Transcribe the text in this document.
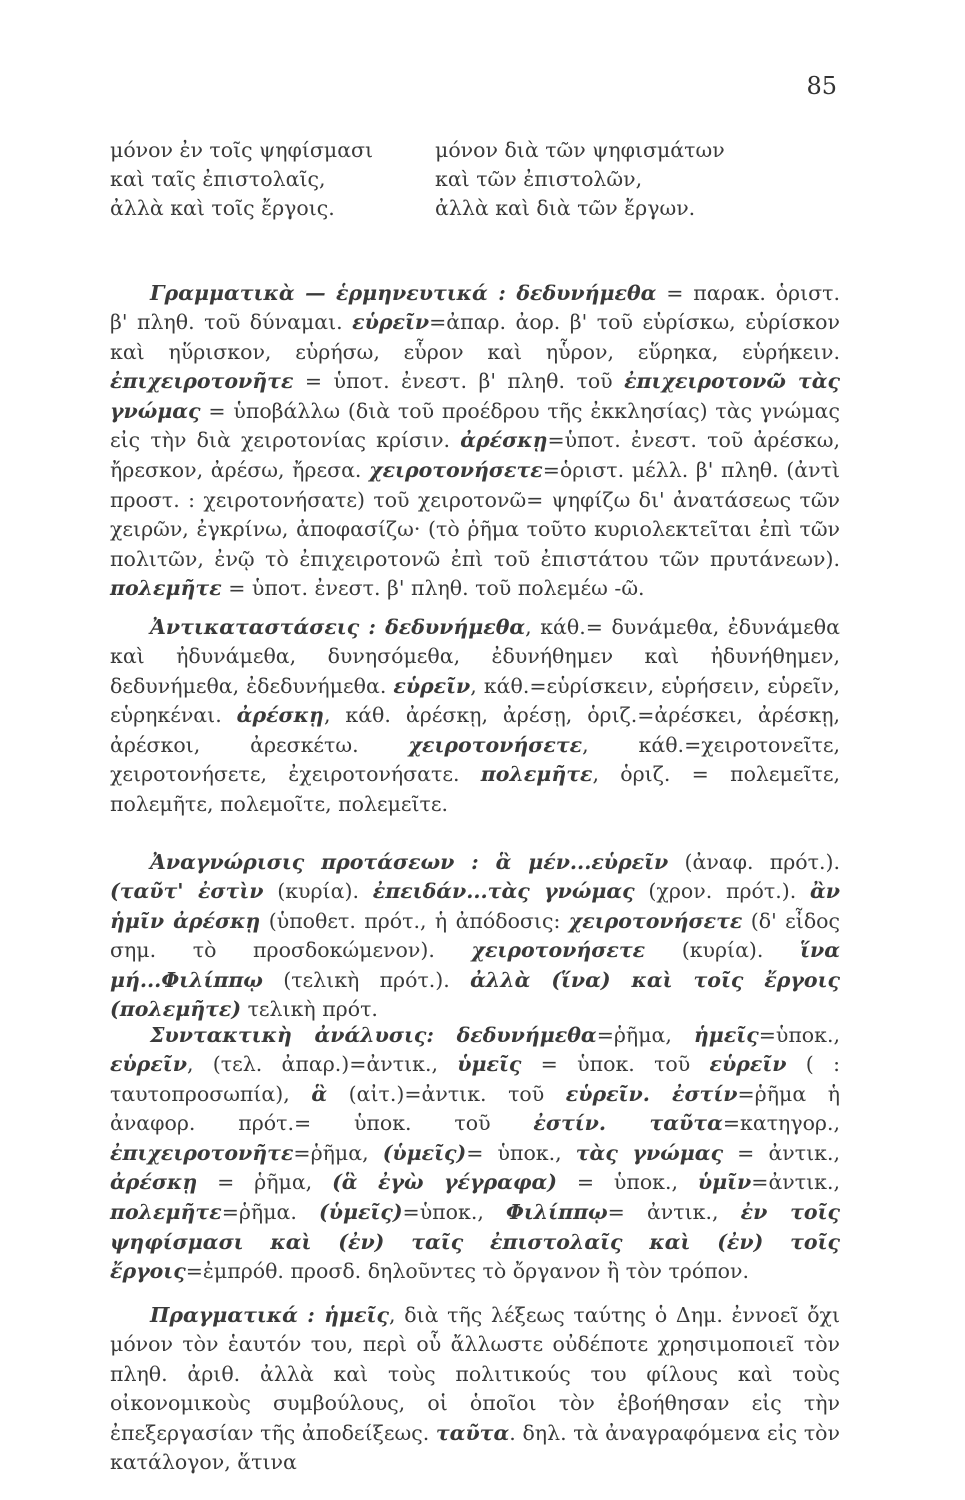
85
μόνον ἐν τοῖς ψηφίσμασι
καὶ ταῖς ἐπιστολαῖς,
ἀλλὰ καὶ τοῖς ἔργοις.
μόνον διὰ τῶν ψηφισμάτων
καὶ τῶν ἐπιστολῶν,
ἀλλὰ καὶ διὰ τῶν ἔργων.

Γραμματικὰ — ἑρμηνευτικά : δεδυνήμεθα = παρακ. ὁριστ. β' πληθ. τοῦ δύναμαι. εὑρεῖν=ἀπαρ. ἀορ. β' τοῦ εὑρίσκω, εὑρίσκον καὶ ηὕρισκον, εὑρήσω, εὗρον καὶ ηὗρον, εὕρηκα, εὑρήκειν. ἐπιχειροτονῆτε = ὑποτ. ἐνεστ. β' πληθ. τοῦ ἐπιχειροτονῶ τὰς γνώμας = ὑποβάλλω (διὰ τοῦ προέδρου τῆς ἐκκλησίας) τὰς γνώμας εἰς τὴν διὰ χειροτονίας κρίσιν. ἀρέσκῃ=ὑποτ. ἐνεστ. τοῦ ἀρέσκω, ἤρεσκον, ἀρέσω, ἤρεσα. χειροτονήσετε=ὁριστ. μέλλ. β' πληθ. (ἀντὶ προστ. : χειροτονήσατε) τοῦ χειροτονῶ= ψηφίζω δι' ἀνατάσεως τῶν χειρῶν, ἐγκρίνω, ἀποφασίζω· (τὸ ῥῆμα τοῦτο κυριολεκτεῖται ἐπὶ τῶν πολιτῶν, ἐνῷ τὸ ἐπιχειροτονῶ ἐπὶ τοῦ ἐπιστάτου τῶν πρυτάνεων). πολεμῆτε = ὑποτ. ἐνεστ. β' πληθ. τοῦ πολεμέω -ῶ.

Ἀντικαταστάσεις : δεδυνήμεθα, κάθ.= δυνάμεθα, ἐδυνάμεθα καὶ ἠδυνάμεθα, δυνησόμεθα, ἐδυνήθημεν καὶ ἠδυνήθημεν, δεδυνήμεθα, ἐδεδυνήμεθα. εὑρεῖν, κάθ.=εὑρίσκειν, εὑρήσειν, εὑρεῖν, εὑρηκέναι. ἀρέσκῃ, κάθ. ἀρέσκῃ, ἀρέσῃ, ὁριζ.=ἀρέσκει, ἀρέσκῃ, ἀρέσκοι, ἀρεσκέτω. χειροτονήσετε, κάθ.=χειροτονεῖτε, χειροτονήσετε, ἐχειροτονήσατε. πολεμῆτε, ὁριζ. = πολεμεῖτε, πολεμῆτε, πολεμοῖτε, πολεμεῖτε.

Ἀναγνώρισις προτάσεων : ἃ μέν...εὑρεῖν (ἀναφ. πρότ.). (ταῦτ' ἐστὶν (κυρία). ἐπειδάν...τὰς γνώμας (χρον. πρότ.). ἂν ἡμῖν ἀρέσκῃ (ὑποθετ. πρότ., ἡ ἀπόδοσις: χειροτονήσετε (δ' εἶδος σημ. τὸ προσδοκώμενον). χειροτονήσετε (κυρία). ἵνα μή...Φιλίππῳ (τελικὴ πρότ.). ἀλλὰ (ἵνα) καὶ τοῖς ἔργοις (πολεμῆτε) τελικὴ πρότ.

Συντακτικὴ ἀνάλυσις: δεδυνήμεθα=ῥῆμα, ἡμεῖς=ὑποκ., εὑρεῖν, (τελ. ἀπαρ.)=ἀντικ., ὑμεῖς = ὑποκ. τοῦ εὑρεῖν ( : ταυτοπροσωπία), ἃ (αἰτ.)=ἀντικ. τοῦ εὑρεῖν. ἐστίν=ῥῆμα ἡ ἀναφορ. πρότ.= ὑποκ. τοῦ ἐστίν. ταῦτα=κατηγορ., ἐπιχειροτονῆτε=ῥῆμα, (ὑμεῖς)= ὑποκ., τὰς γνώμας = ἀντικ., ἀρέσκῃ = ῥῆμα, (ἃ ἐγὼ γέγραφα) = ὑποκ., ὑμῖν=ἀντικ., πολεμῆτε=ῥῆμα. (ὑμεῖς)=ὑποκ., Φιλίππῳ= ἀντικ., ἐν τοῖς ψηφίσμασι καὶ (ἐν) ταῖς ἐπιστολαῖς καὶ (ἐν) τοῖς ἔργοις=ἐμπρόθ. προσδ. δηλοῦντες τὸ ὄργανον ἢ τὸν τρόπον.

Πραγματικά : ἡμεῖς, διὰ τῆς λέξεως ταύτης ὁ Δημ. ἐννοεῖ ὄχι μόνον τὸν ἑαυτόν του, περὶ οὗ ἄλλωστε οὐδέποτε χρησιμοποιεῖ τὸν πληθ. ἀριθ. ἀλλὰ καὶ τοὺς πολιτικούς του φίλους καὶ τοὺς οἰκονομικοὺς συμβούλους, οἱ ὁποῖοι τὸν ἐβοήθησαν εἰς τὴν ἐπεξεργασίαν τῆς ἀποδείξεως. ταῦτα. δηλ. τὰ ἀναγραφόμενα εἰς τὸν κατάλογον, ἅτινα
